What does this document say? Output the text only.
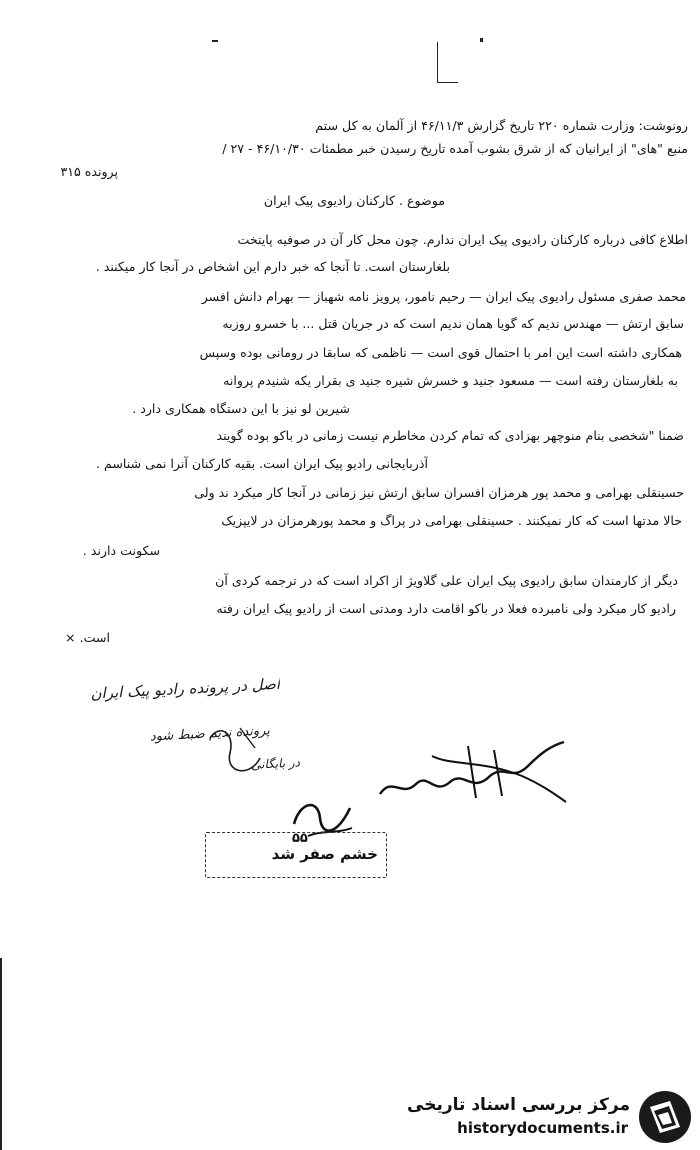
رونوشت: وزارت شماره ۲۲۰ تاریخ گزارش ۴۶/۱۱/۳ از آلمان به کل ستم
منبع "های" از ایرانیان که از شرق بشوب آمده تاریخ رسیدن خبر مطمئات ۴۶/۱۰/۳۰ - ۲۷ /
پرونده ۳۱۵
موضوع . کارکنان رادیوی پیک ایران
اطلاع کافی درباره کارکنان رادیوی پیک ایران ندارم. چون محل کار آن در صوفیه پایتخت
بلغارستان است. تا آنجا که خبر دارم این اشخاص در آنجا کار میکنند .
محمد صفری مسئول رادیوی پیک ایران — رحیم نامور، پرویز نامه شهباز — بهرام دانش افسر
سابق ارتش — مهندس ندیم که گویا همان ندیم است که در جریان قتل ... با خسرو روزبه
همکاری داشته است این امر با احتمال قوی است — ناظمی که سابقا در رومانی بوده وسپس
به بلغارستان رفته است — مسعود جنید و خسرش شیره جنید ی بقرار یکه شنیدم پروانه
شیرین لو نیز با این دستگاه همکاری دارد .
ضمنا "شخصی بنام منوچهر بهزادی که تمام کردن مخاطرم نیست زمانی در باکو بوده گویند
آذربایجانی رادیو پیک ایران است. بقیه کارکنان آنرا نمی شناسم .
حسینقلی بهرامی و محمد پور هرمزان افسران سابق ارتش نیز زمانی در آنجا کار میکرد ند ولی
حالا مدتها است که کار نمیکنند . حسینقلی بهرامی در پراگ و محمد پورهرمزان در لایپزیک
سکونت دارند .
دیگر از کارمندان سابق رادیوی پیک ایران علی گلاویژ از اکراد است که در ترجمه کردی آن
رادیو کار میکرد ولی نامبرده فعلا در باکو اقامت دارد ومدتی است از رادیو پیک ایران رفته
است. ×
اصل در پرونده رادیو پیک ایران
پرونده ندیم ضبط شود
در بایگانی
۵۵
خشم صفر شد
مرکز بررسی اسناد تاریخی
historydocuments.ir
